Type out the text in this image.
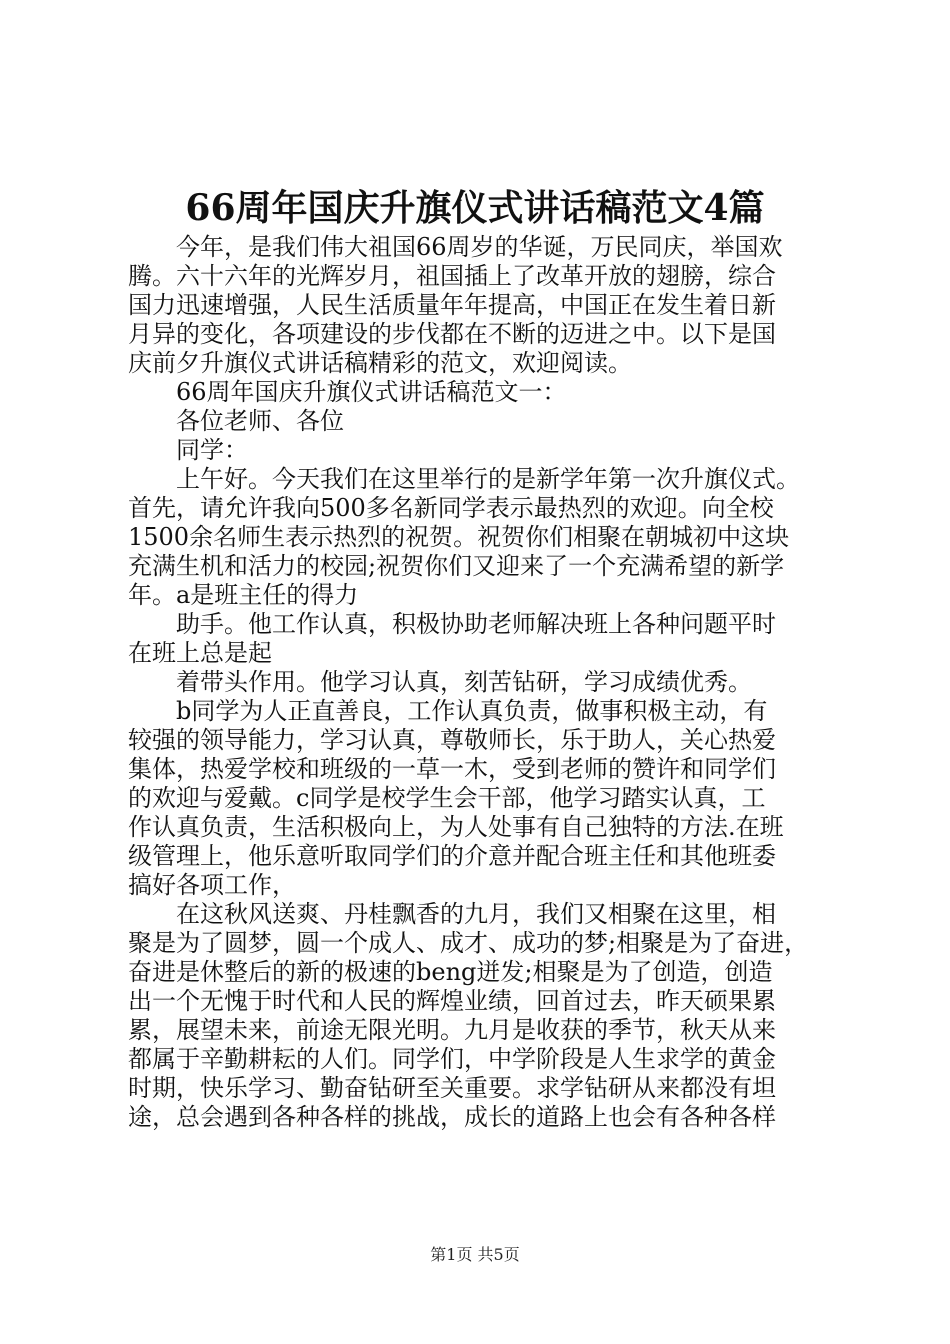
66周年国庆升旗仪式讲话稿范文4篇
今年，是我们伟大祖国66周岁的华诞，万民同庆，举国欢
腾。六十六年的光辉岁月，祖国插上了改革开放的翅膀，综合
国力迅速增强，人民生活质量年年提高，中国正在发生着日新
月异的变化，各项建设的步伐都在不断的迈进之中。以下是国
庆前夕升旗仪式讲话稿精彩的范文，欢迎阅读。
66周年国庆升旗仪式讲话稿范文一：
各位老师、各位
同学：
上午好。今天我们在这里举行的是新学年第一次升旗仪式。
首先，请允许我向500多名新同学表示最热烈的欢迎。向全校
1500余名师生表示热烈的祝贺。祝贺你们相聚在朝城初中这块
充满生机和活力的校园;祝贺你们又迎来了一个充满希望的新学
年。a是班主任的得力
助手。他工作认真，积极协助老师解决班上各种问题平时
在班上总是起
着带头作用。他学习认真，刻苦钻研，学习成绩优秀。
b同学为人正直善良，工作认真负责，做事积极主动，有
较强的领导能力，学习认真，尊敬师长，乐于助人，关心热爱
集体，热爱学校和班级的一草一木，受到老师的赞许和同学们
的欢迎与爱戴。c同学是校学生会干部，他学习踏实认真，工
作认真负责，生活积极向上，为人处事有自己独特的方法.在班
级管理上，他乐意听取同学们的介意并配合班主任和其他班委
搞好各项工作，
在这秋风送爽、丹桂飘香的九月，我们又相聚在这里，相
聚是为了圆梦，圆一个成人、成才、成功的梦;相聚是为了奋进，
奋进是休整后的新的极速的beng迸发;相聚是为了创造，创造
出一个无愧于时代和人民的辉煌业绩，回首过去，昨天硕果累
累，展望未来，前途无限光明。九月是收获的季节，秋天从来
都属于辛勤耕耘的人们。同学们，中学阶段是人生求学的黄金
时期，快乐学习、勤奋钻研至关重要。求学钻研从来都没有坦
途，总会遇到各种各样的挑战，成长的道路上也会有各种各样
第1页 共5页
